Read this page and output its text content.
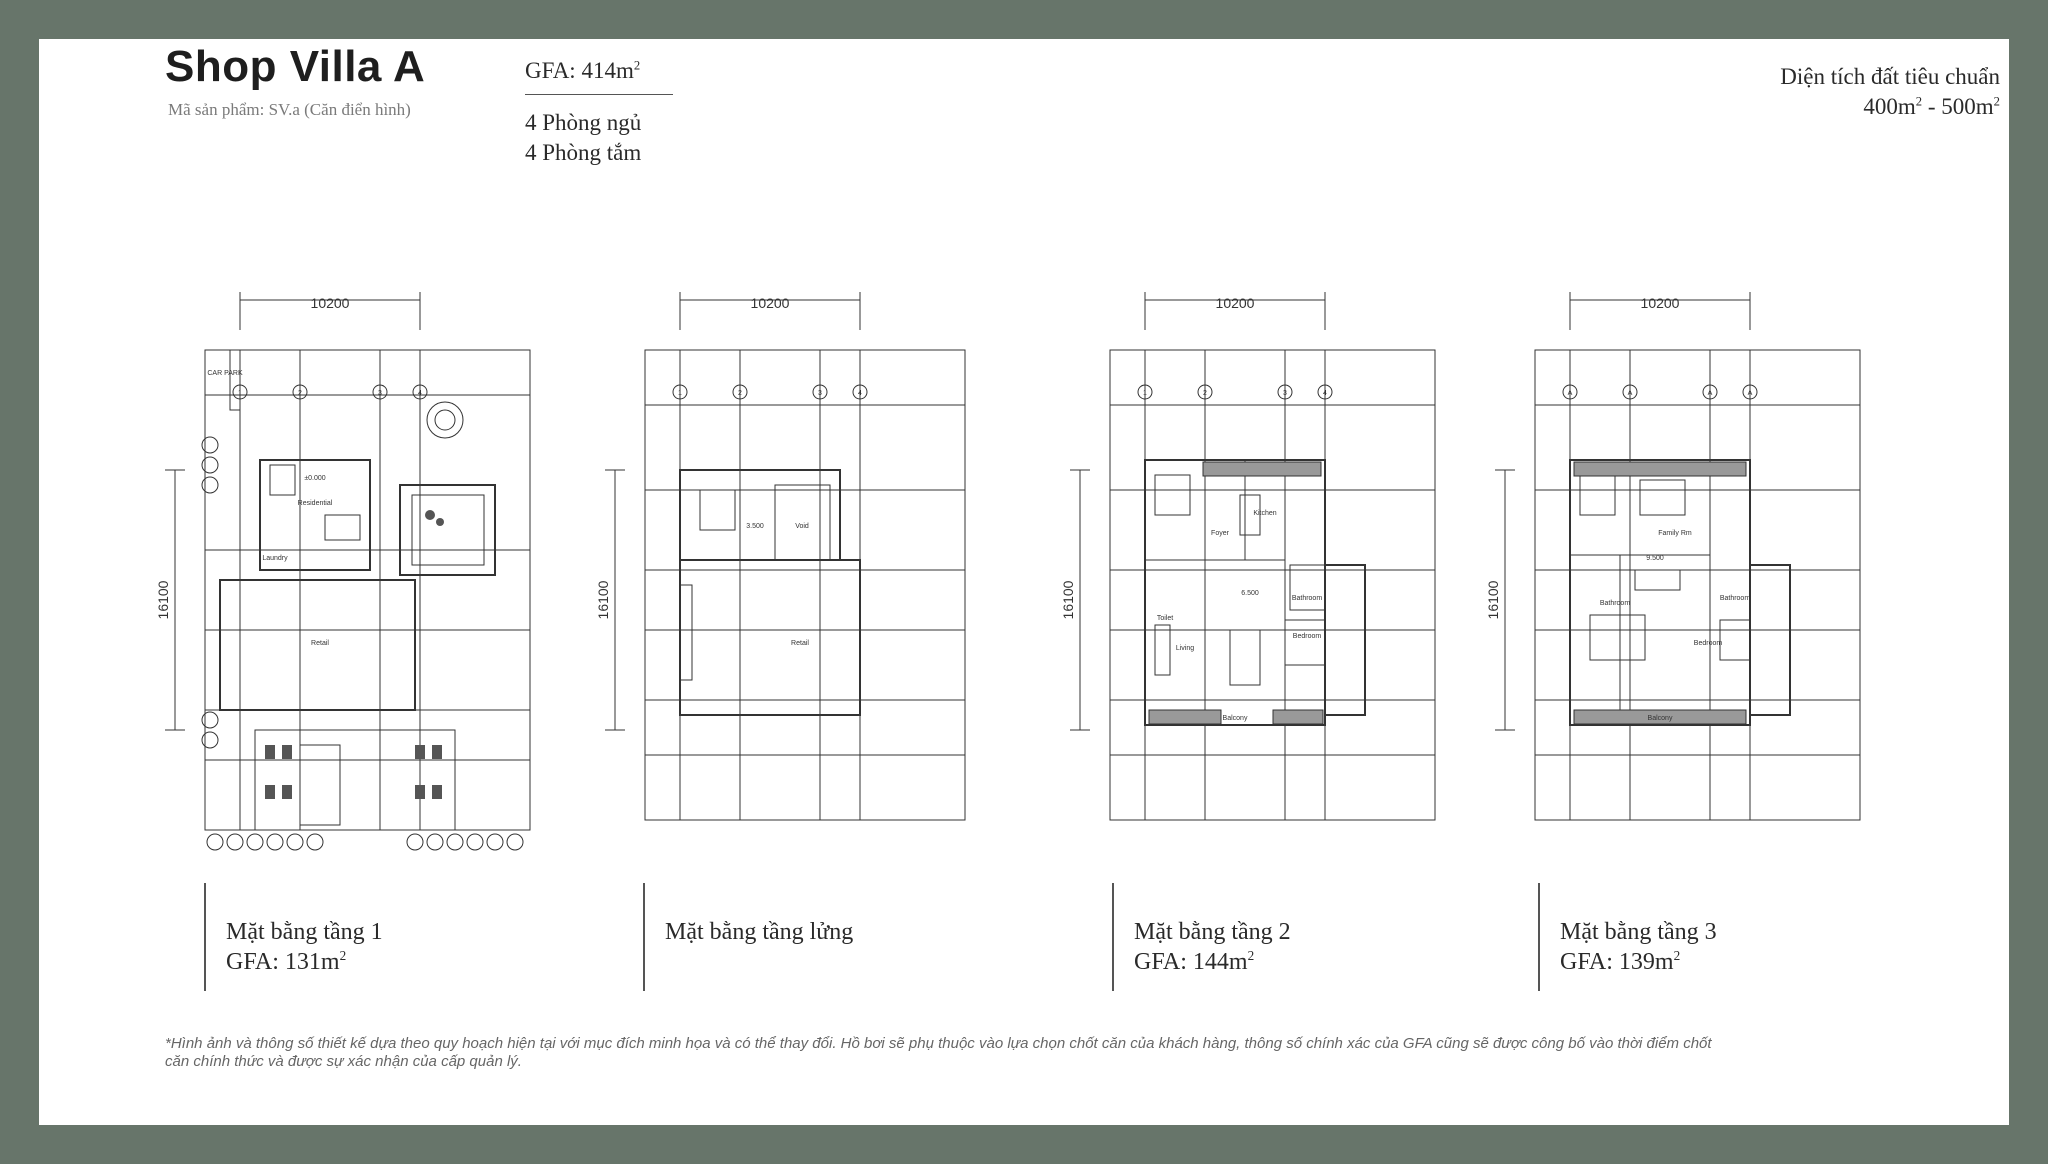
Shop Villa A
Mã sản phẩm: SV.a (Căn điển hình)
GFA: $414m^2$
4 Phòng ngủ
4 Phòng tắm
Diện tích đất tiêu chuẩn
$400m^2 - 500m^2$
10200
16100
1	2	3	4
CAR PARK
Residential
Laundry
Retail
±0.000
10200
16100
1	2	3	4
3.500	Void
Retail
10200
16100
1	2	3	4
Foyer
Kitchen
6.500
Bathroom
Bedroom
Toilet
Living
Balcony
10200
16100
A	A	A	A
Family Rm
9.500
Bathroom
Bathroom
Bedroom
Balcony
Mặt bằng tầng 1
GFA: $131m^2$
Mặt bằng tầng lửng	Mặt bằng tầng 2
GFA: $144m^2$
Mặt bằng tầng 3
GFA: $139m^2$
*Hình ảnh và thông số thiết kế dựa theo quy hoạch hiện tại với mục đích minh họa và có thể thay đổi. Hồ bơi sẽ phụ thuộc vào lựa chọn chốt căn của khách hàng, thông số chính xác của GFA cũng sẽ được công bố vào thời điểm chốt căn chính thức và được sự xác nhận của cấp quản lý.
